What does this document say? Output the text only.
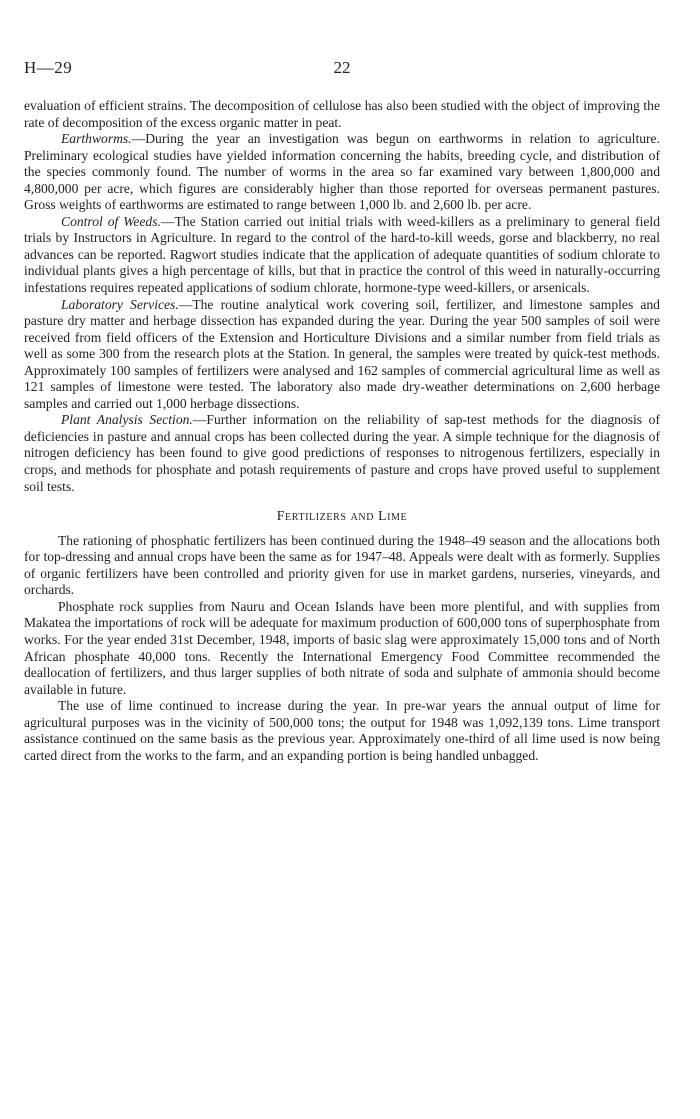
H—29	22

evaluation of efficient strains. The decomposition of cellulose has also been studied with the object of improving the rate of decomposition of the excess organic matter in peat.

Earthworms.—During the year an investigation was begun on earthworms in relation to agriculture. Preliminary ecological studies have yielded information concerning the habits, breeding cycle, and distribution of the species commonly found. The number of worms in the area so far examined vary between 1,800,000 and 4,800,000 per acre, which figures are considerably higher than those reported for overseas permanent pastures. Gross weights of earthworms are estimated to range between 1,000 lb. and 2,600 lb. per acre.

Control of Weeds.—The Station carried out initial trials with weed-killers as a preliminary to general field trials by Instructors in Agriculture. In regard to the control of the hard-to-kill weeds, gorse and blackberry, no real advances can be reported. Ragwort studies indicate that the application of adequate quantities of sodium chlorate to individual plants gives a high percentage of kills, but that in practice the control of this weed in naturally-occurring infestations requires repeated applications of sodium chlorate, hormone-type weed-killers, or arsenicals.

Laboratory Services.—The routine analytical work covering soil, fertilizer, and limestone samples and pasture dry matter and herbage dissection has expanded during the year. During the year 500 samples of soil were received from field officers of the Extension and Horticulture Divisions and a similar number from field trials as well as some 300 from the research plots at the Station. In general, the samples were treated by quick-test methods. Approximately 100 samples of fertilizers were analysed and 162 samples of commercial agricultural lime as well as 121 samples of limestone were tested. The laboratory also made dry-weather determinations on 2,600 herbage samples and carried out 1,000 herbage dissections.

Plant Analysis Section.—Further information on the reliability of sap-test methods for the diagnosis of deficiencies in pasture and annual crops has been collected during the year. A simple technique for the diagnosis of nitrogen deficiency has been found to give good predictions of responses to nitrogenous fertilizers, especially in crops, and methods for phosphate and potash requirements of pasture and crops have proved useful to supplement soil tests.

Fertilizers and Lime

The rationing of phosphatic fertilizers has been continued during the 1948–49 season and the allocations both for top-dressing and annual crops have been the same as for 1947–48. Appeals were dealt with as formerly. Supplies of organic fertilizers have been controlled and priority given for use in market gardens, nurseries, vineyards, and orchards.

Phosphate rock supplies from Nauru and Ocean Islands have been more plentiful, and with supplies from Makatea the importations of rock will be adequate for maximum production of 600,000 tons of superphosphate from works. For the year ended 31st December, 1948, imports of basic slag were approximately 15,000 tons and of North African phosphate 40,000 tons. Recently the International Emergency Food Committee recommended the deallocation of fertilizers, and thus larger supplies of both nitrate of soda and sulphate of ammonia should become available in future.

The use of lime continued to increase during the year. In pre-war years the annual output of lime for agricultural purposes was in the vicinity of 500,000 tons; the output for 1948 was 1,092,139 tons. Lime transport assistance continued on the same basis as the previous year. Approximately one-third of all lime used is now being carted direct from the works to the farm, and an expanding portion is being handled unbagged.
